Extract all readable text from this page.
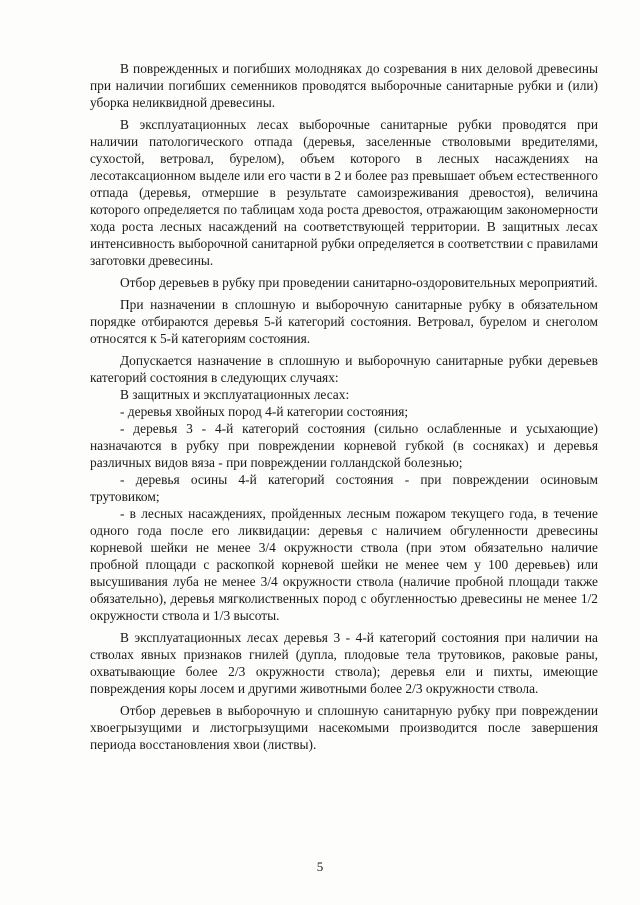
В поврежденных и погибших молодняках до созревания в них деловой древесины при наличии погибших семенников проводятся выборочные санитарные рубки и (или) уборка неликвидной древесины.

В эксплуатационных лесах выборочные санитарные рубки проводятся при наличии патологического отпада (деревья, заселенные стволовыми вредителями, сухостой, ветровал, бурелом), объем которого в лесных насаждениях на лесотаксационном выделе или его части в 2 и более раз превышает объем естественного отпада (деревья, отмершие в результате самоизреживания древостоя), величина которого определяется по таблицам хода роста древостоя, отражающим закономерности хода роста лесных насаждений на соответствующей территории. В защитных лесах интенсивность выборочной санитарной рубки определяется в соответствии с правилами заготовки древесины.

Отбор деревьев в рубку при проведении санитарно-оздоровительных мероприятий.

При назначении в сплошную и выборочную санитарные рубку в обязательном порядке отбираются деревья 5-й категорий состояния. Ветровал, бурелом и снеголом относятся к 5-й категориям состояния.

Допускается назначение в сплошную и выборочную санитарные рубки деревьев категорий состояния в следующих случаях:

В защитных и эксплуатационных лесах:

- деревья хвойных пород 4-й категории состояния;

- деревья 3 - 4-й категорий состояния (сильно ослабленные и усыхающие) назначаются в рубку при повреждении корневой губкой (в сосняках) и деревья различных видов вяза - при повреждении голландской болезнью;

- деревья осины 4-й категорий состояния - при повреждении осиновым трутовиком;

- в лесных насаждениях, пройденных лесным пожаром текущего года, в течение одного года после его ликвидации: деревья с наличием обгуленности древесины корневой шейки не менее 3/4 окружности ствола (при этом обязательно наличие пробной площади с раскопкой корневой шейки не менее чем у 100 деревьев) или высушивания луба не менее 3/4 окружности ствола (наличие пробной площади также обязательно), деревья мягколиственных пород с обугленностью древесины не менее 1/2 окружности ствола и 1/3 высоты.

В эксплуатационных лесах деревья 3 - 4-й категорий состояния при наличии на стволах явных признаков гнилей (дупла, плодовые тела трутовиков, раковые раны, охватывающие более 2/3 окружности ствола); деревья ели и пихты, имеющие повреждения коры лосем и другими животными более 2/3 окружности ствола.

Отбор деревьев в выборочную и сплошную санитарную рубку при повреждении хвоегрызущими и листогрызущими насекомыми производится после завершения периода восстановления хвои (листвы).

5
